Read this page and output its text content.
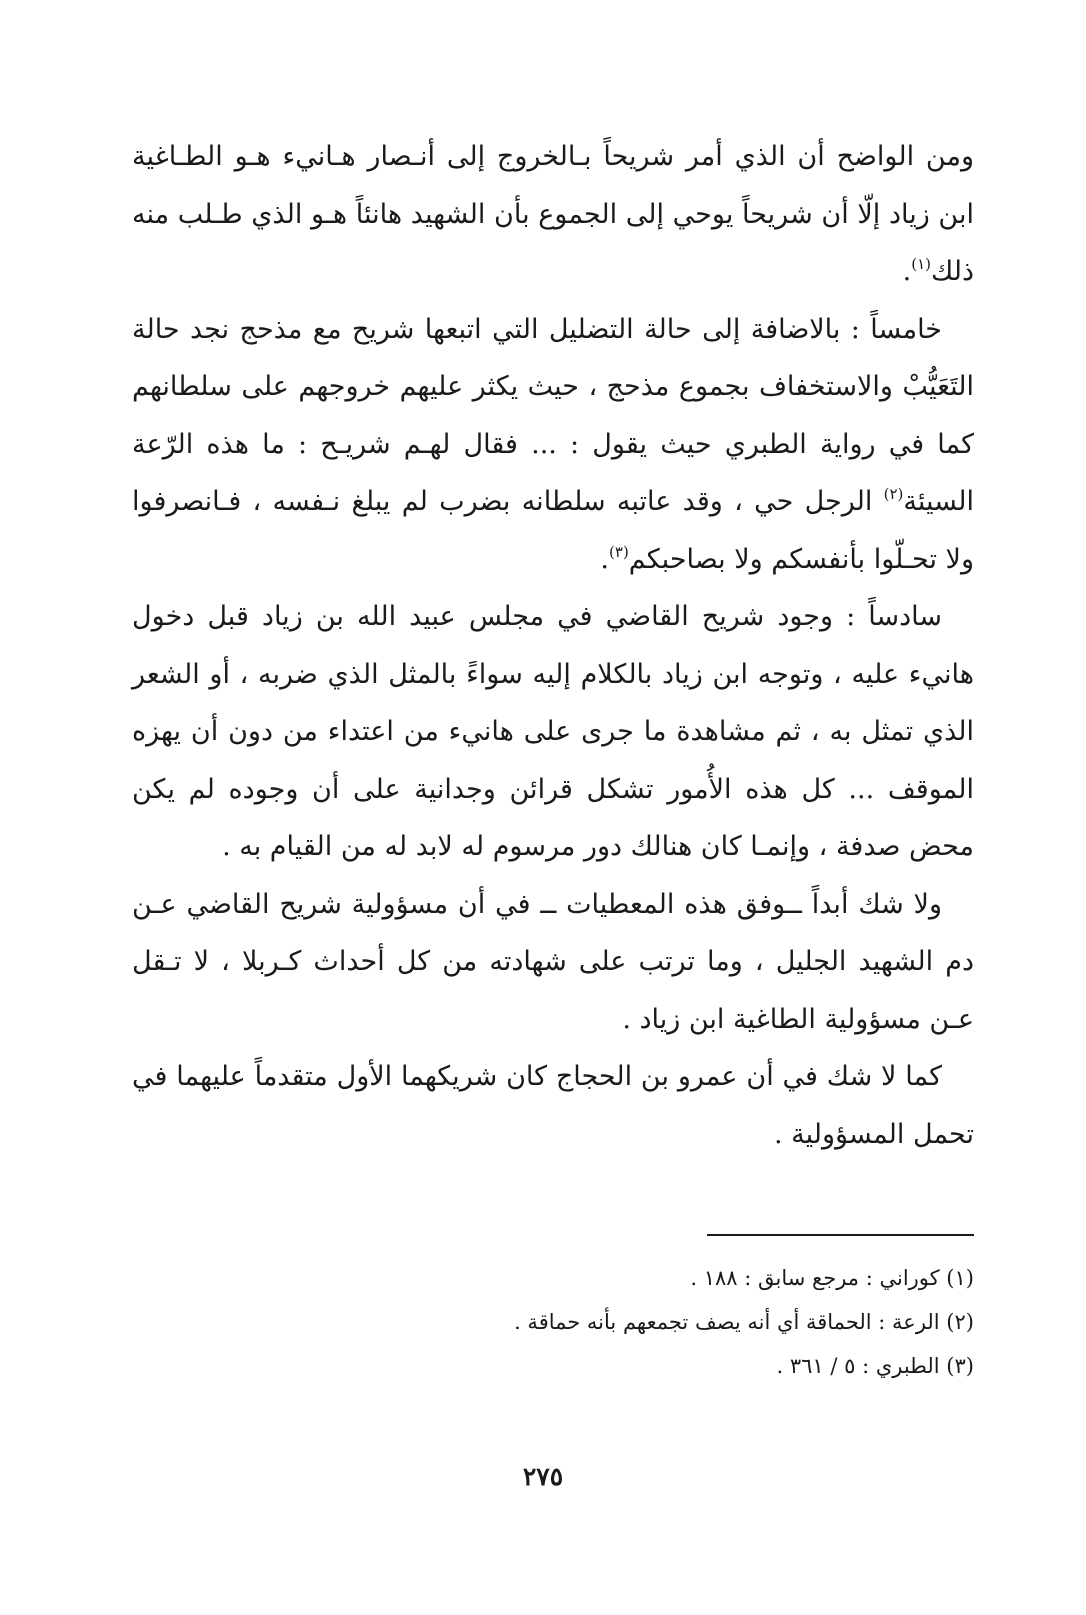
ومن الواضح أن الذي أمر شريحاً بـالخروج إلى أنـصار هـانيء هـو الطـاغية ابن زياد إلّا أن شريحاً يوحي إلى الجموع بأن الشهيد هانئاً هـو الذي طـلب منه ذلك$^{(١)}$.

خامساً : بالاضافة إلى حالة التضليل التي اتبعها شريح مع مذحج نجد حالة التَعَيُّبْ والاستخفاف بجموع مذحج ، حيث يكثر عليهم خروجهم على سلطانهم كما في رواية الطبري حيث يقول : ... فقال لهـم شريـح : ما هذه الرّعة السيئة$^{(٢)}$ الرجل حي ، وقد عاتبه سلطانه بضرب لم يبلغ نـفسه ، فـانصرفوا ولا تحـلّوا بأنفسكم ولا بصاحبكم$^{(٣)}$.

سادساً : وجود شريح القاضي في مجلس عبيد الله بن زياد قبل دخول هانيء عليه ، وتوجه ابن زياد بالكلام إليه سواءً بالمثل الذي ضربه ، أو الشعر الذي تمثل به ، ثم مشاهدة ما جرى على هانيء من اعتداء من دون أن يهزه الموقف ... كل هذه الأُمور تشكل قرائن وجدانية على أن وجوده لم يكن محض صدفة ، وإنمـا كان هنالك دور مرسوم له لابد له من القيام به .

ولا شك أبداً ــوفق هذه المعطيات ــ في أن مسؤولية شريح القاضي عـن دم الشهيد الجليل ، وما ترتب على شهادته من كل أحداث كـربلا ، لا تـقل عـن مسؤولية الطاغية ابن زياد .

كما لا شك في أن عمرو بن الحجاج كان شريكهما الأول متقدماً عليهما في تحمل المسؤولية .

(١) كوراني : مرجع سابق : ١٨٨ .

(٢) الرعة : الحماقة أي أنه يصف تجمعهم بأنه حماقة .

(٣) الطبري : ٥ / ٣٦١ .

٢٧٥
